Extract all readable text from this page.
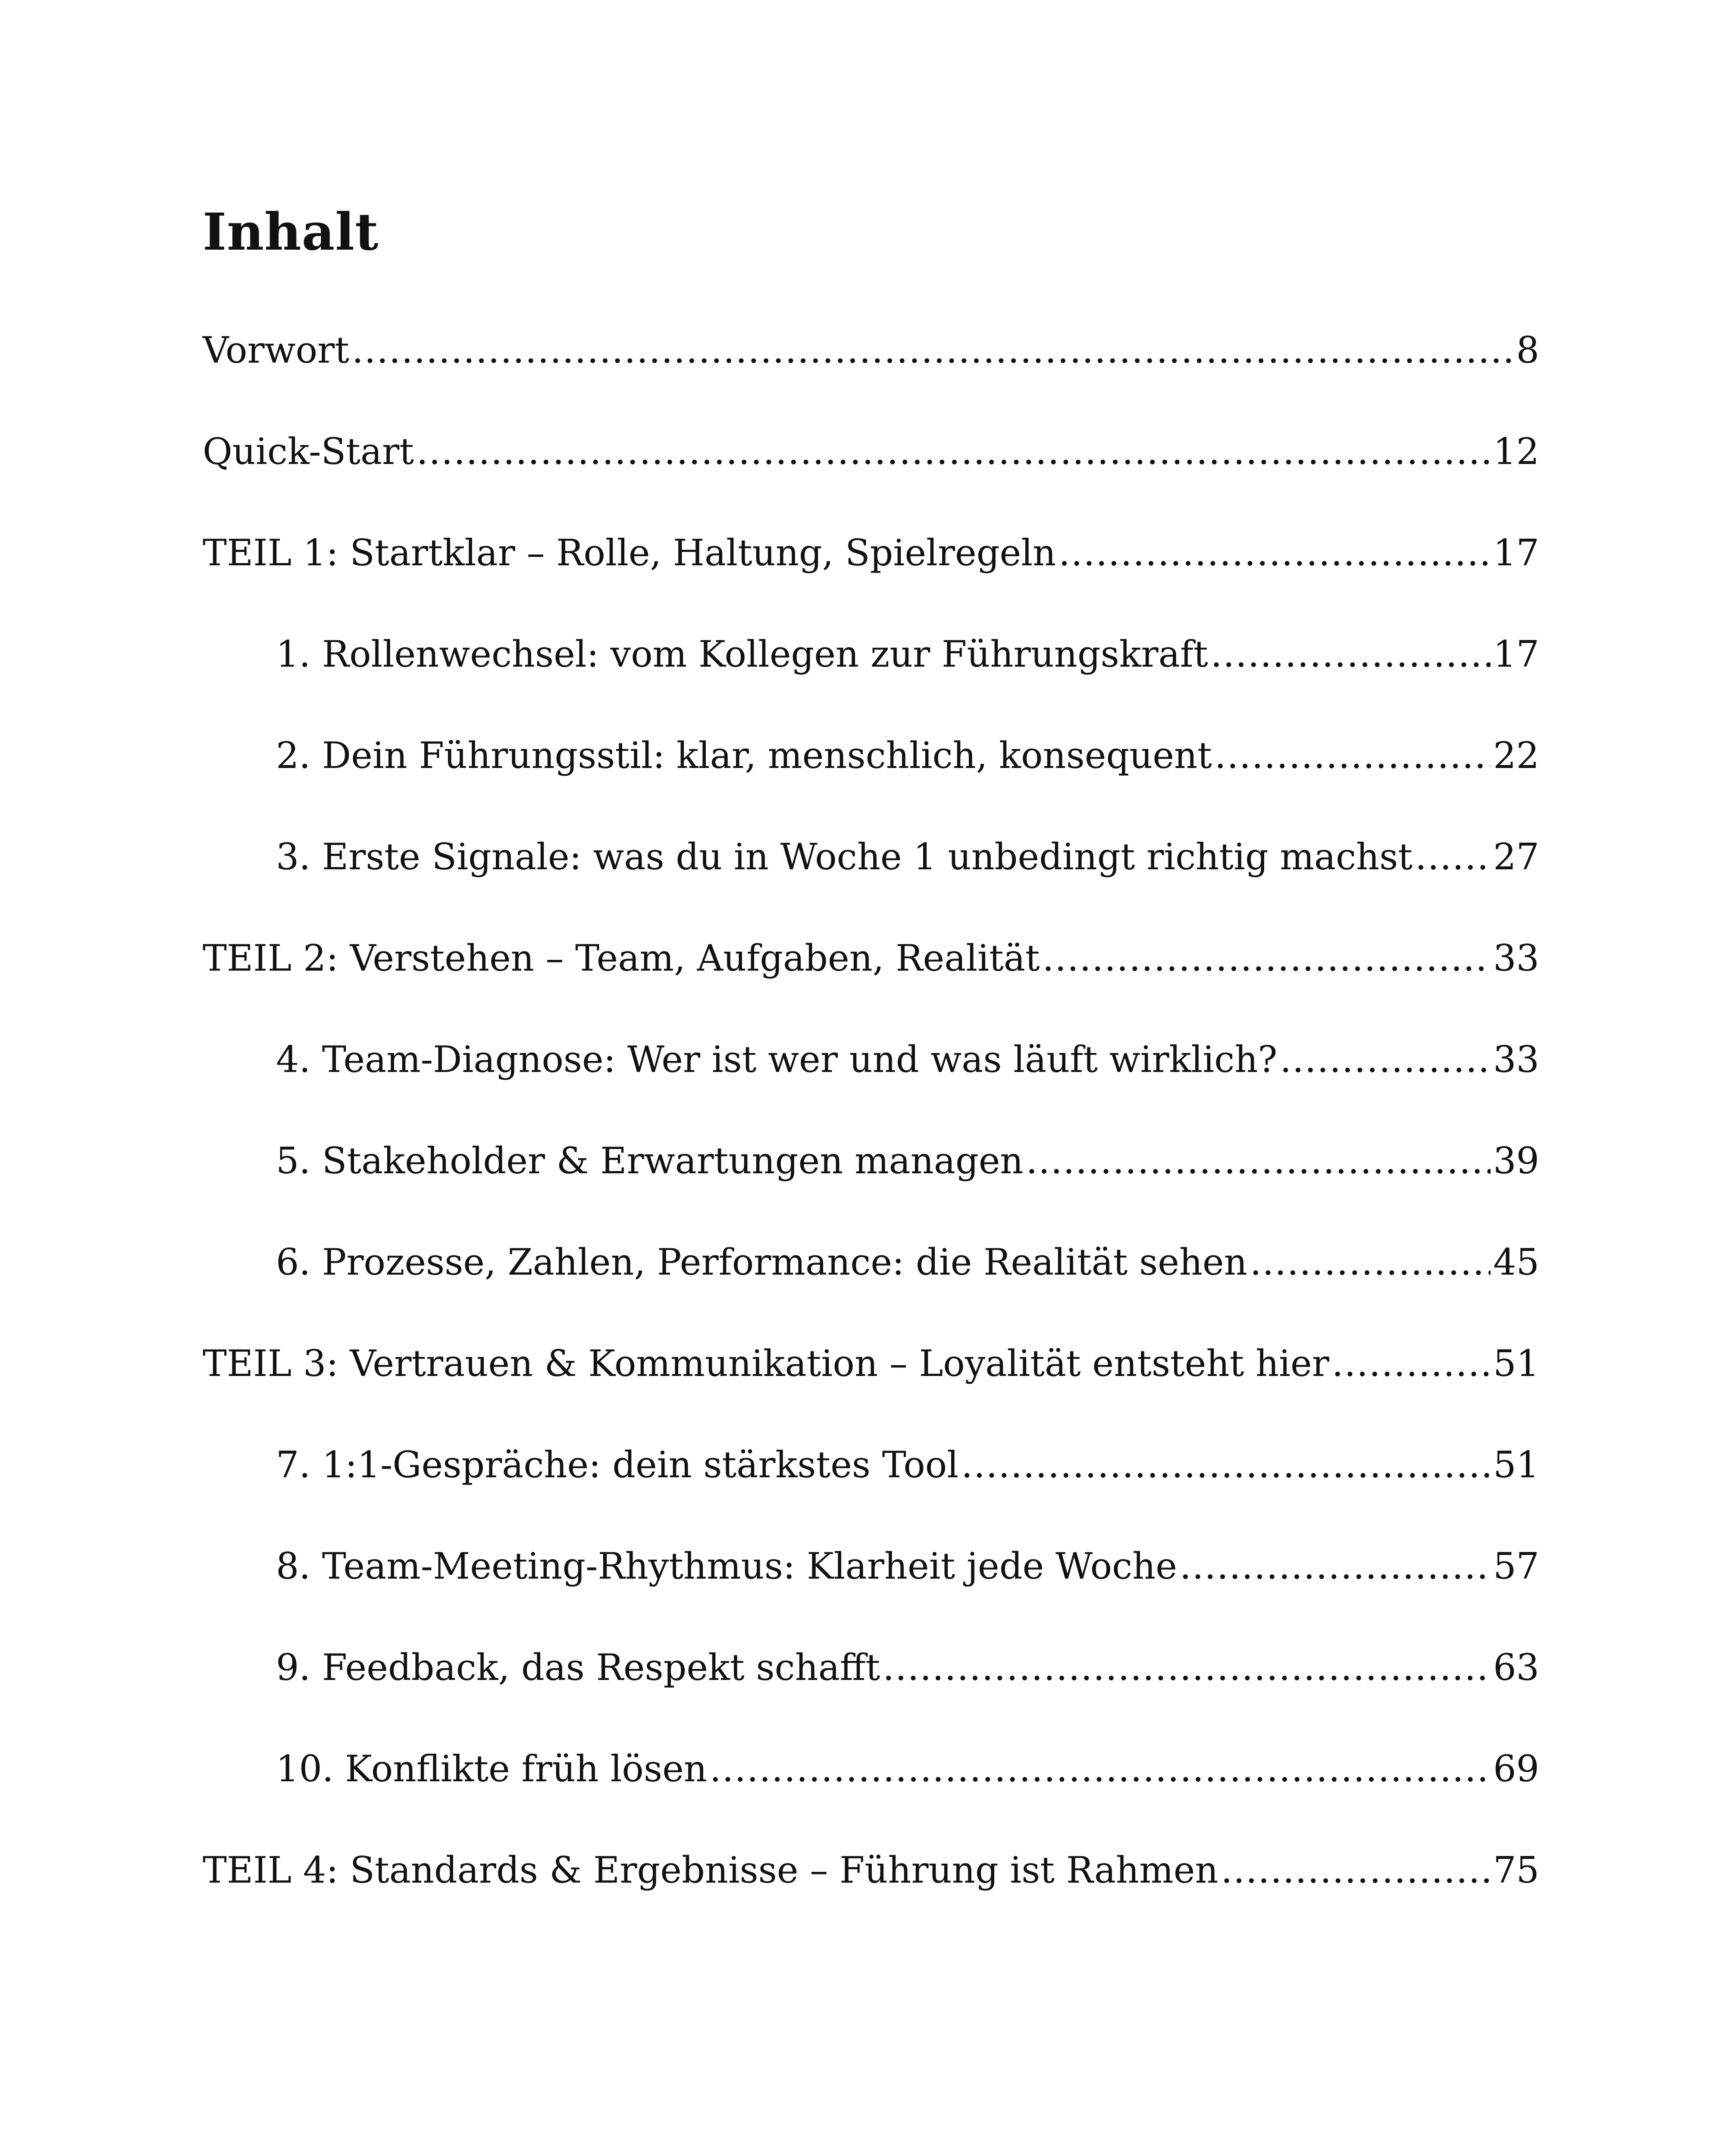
Inhalt
Vorwort .....	8
Quick-Start .....	12
TEIL 1: Startklar – Rolle, Haltung, Spielregeln .....	17
1. Rollenwechsel: vom Kollegen zur Führungskraft .....	17
2. Dein Führungsstil: klar, menschlich, konsequent .....	22
3. Erste Signale: was du in Woche 1 unbedingt richtig machst ..... 27
TEIL 2: Verstehen – Team, Aufgaben, Realität .....	33
4. Team-Diagnose: Wer ist wer und was läuft wirklich? .....	33
5. Stakeholder & Erwartungen managen .....	39
6. Prozesse, Zahlen, Performance: die Realität sehen .....	45
TEIL 3: Vertrauen & Kommunikation – Loyalität entsteht hier .....	51
7. 1:1-Gespräche: dein stärkstes Tool .....	51
8. Team-Meeting-Rhythmus: Klarheit jede Woche .....	57
9. Feedback, das Respekt schafft .....	63
10. Konflikte früh lösen .....	69
TEIL 4: Standards & Ergebnisse – Führung ist Rahmen .....	75
